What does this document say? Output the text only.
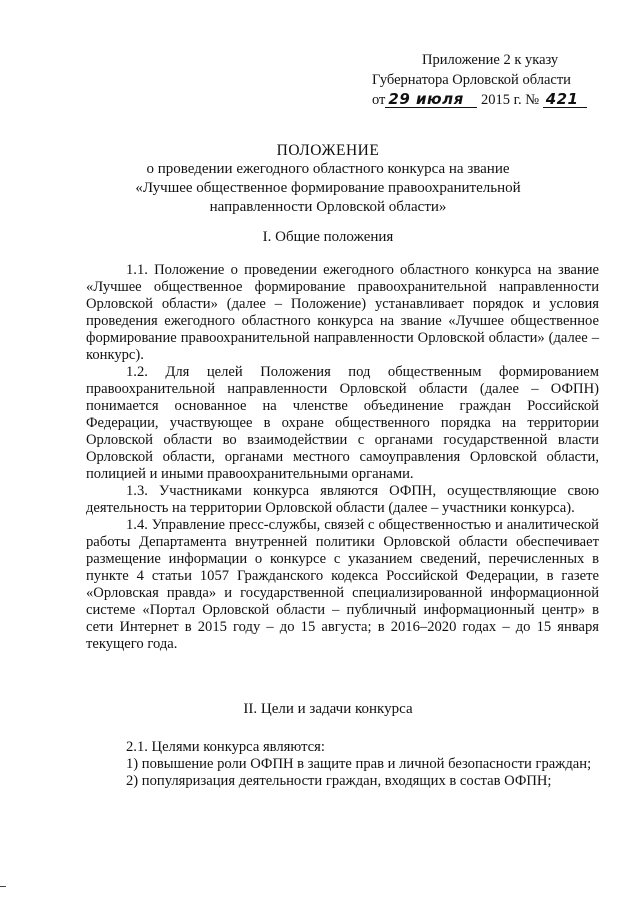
Приложение 2 к указу
Губернатора Орловской области
от 29 июля 2015 г. № 421
ПОЛОЖЕНИЕ
о проведении ежегодного областного конкурса на звание
«Лучшее общественное формирование правоохранительной
направленности Орловской области»
I. Общие положения

1.1. Положение о проведении ежегодного областного конкурса на звание «Лучшее общественное формирование правоохранительной направленности Орловской области» (далее – Положение) устанавливает порядок и условия проведения ежегодного областного конкурса на звание «Лучшее общественное формирование правоохранительной направленности Орловской области» (далее – конкурс).

1.2. Для целей Положения под общественным формированием правоохранительной направленности Орловской области (далее – ОФПН) понимается основанное на членстве объединение граждан Российской Федерации, участвующее в охране общественного порядка на территории Орловской области во взаимодействии с органами государственной власти Орловской области, органами местного самоуправления Орловской области, полицией и иными правоохранительными органами.

1.3. Участниками конкурса являются ОФПН, осуществляющие свою деятельность на территории Орловской области (далее – участники конкурса).

1.4. Управление пресс-службы, связей с общественностью и аналитической работы Департамента внутренней политики Орловской области обеспечивает размещение информации о конкурсе с указанием сведений, перечисленных в пункте 4 статьи 1057 Гражданского кодекса Российской Федерации, в газете «Орловская правда» и государственной специализированной информационной системе «Портал Орловской области – публичный информационный центр» в сети Интернет в 2015 году – до 15 августа; в 2016–2020 годах – до 15 января текущего года.

II. Цели и задачи конкурса

2.1. Целями конкурса являются:

1) повышение роли ОФПН в защите прав и личной безопасности граждан;

2) популяризация деятельности граждан, входящих в состав ОФПН;
